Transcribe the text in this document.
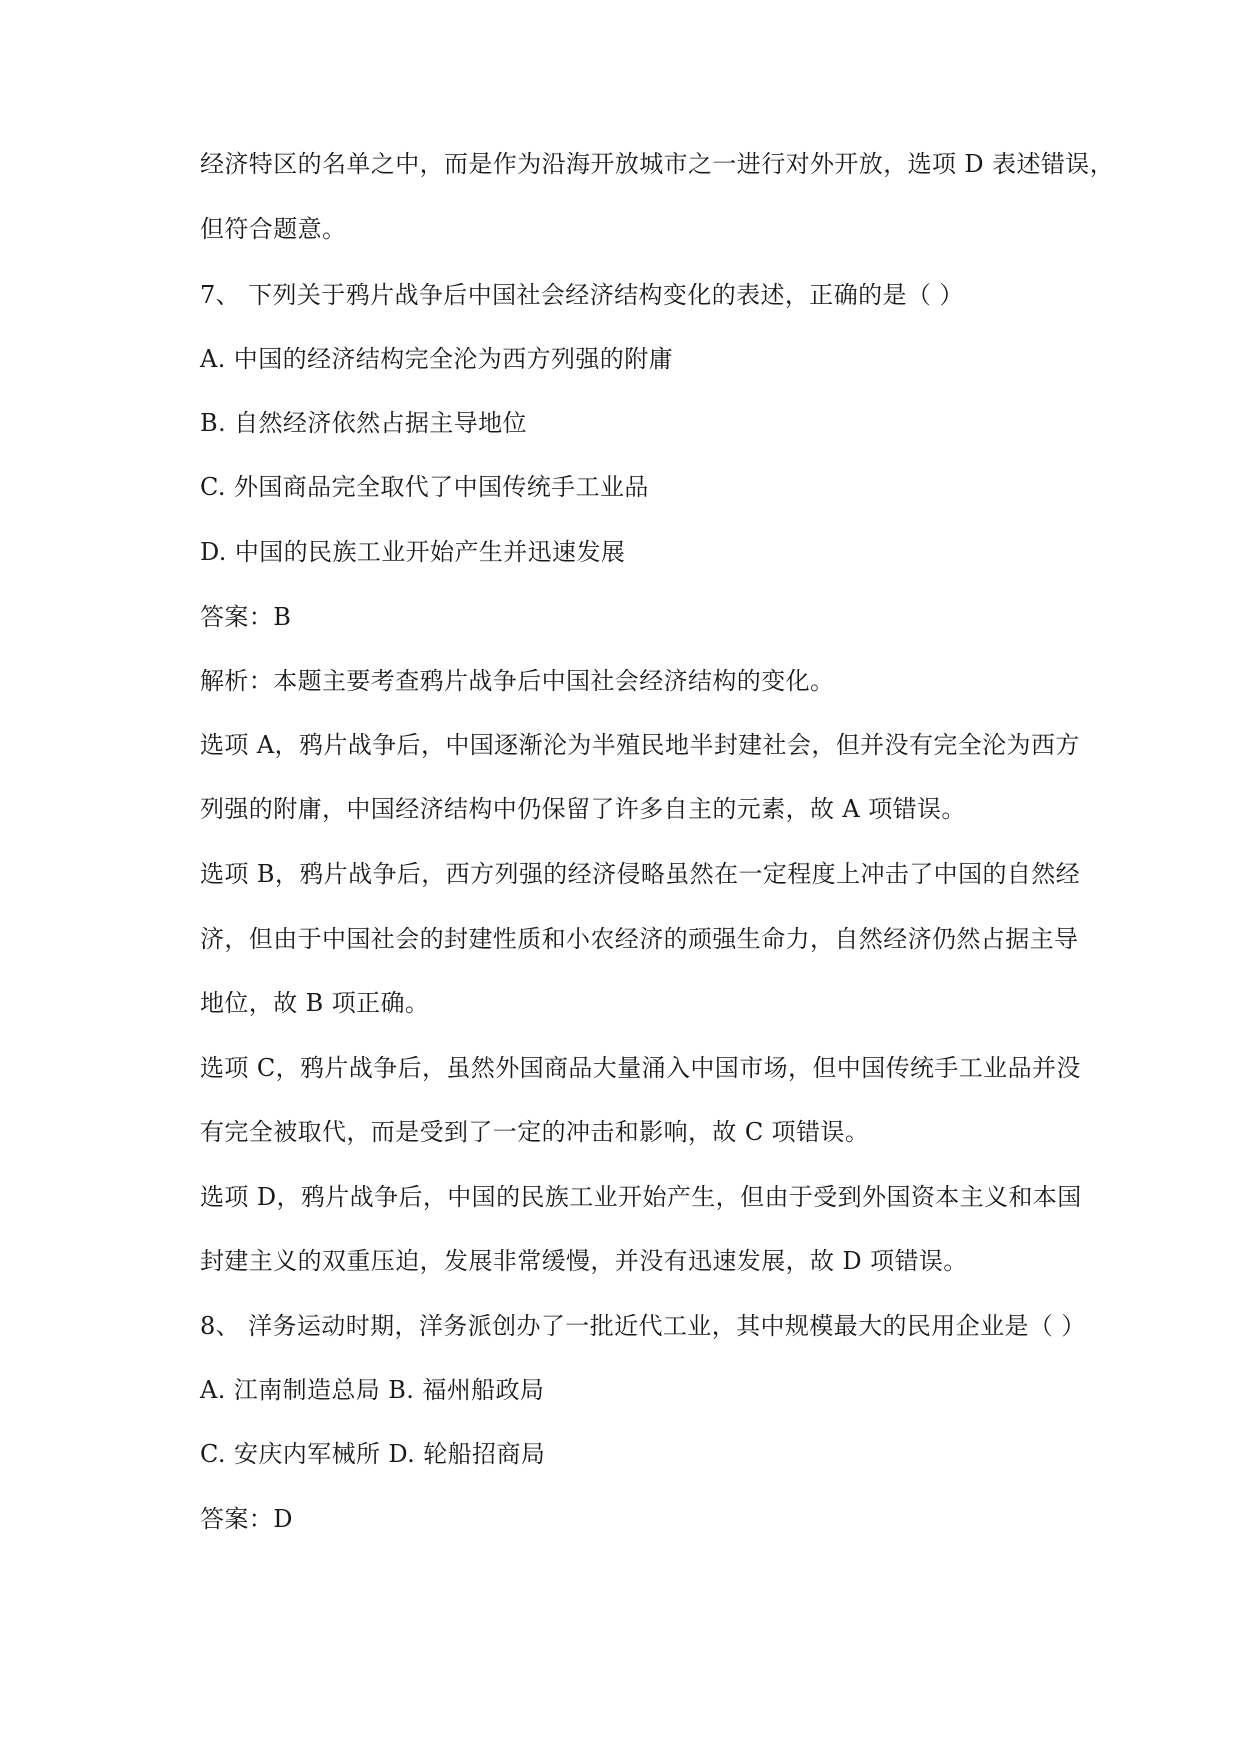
经济特区的名单之中，而是作为沿海开放城市之一进行对外开放，选项 D 表述错误，
但符合题意。
7、 下列关于鸦片战争后中国社会经济结构变化的表述，正确的是（ ）
A. 中国的经济结构完全沦为西方列强的附庸
B. 自然经济依然占据主导地位
C. 外国商品完全取代了中国传统手工业品
D. 中国的民族工业开始产生并迅速发展
答案：B
解析：本题主要考查鸦片战争后中国社会经济结构的变化。
选项 A，鸦片战争后，中国逐渐沦为半殖民地半封建社会，但并没有完全沦为西方
列强的附庸，中国经济结构中仍保留了许多自主的元素，故 A 项错误。
选项 B，鸦片战争后，西方列强的经济侵略虽然在一定程度上冲击了中国的自然经
济，但由于中国社会的封建性质和小农经济的顽强生命力，自然经济仍然占据主导
地位，故 B 项正确。
选项 C，鸦片战争后，虽然外国商品大量涌入中国市场，但中国传统手工业品并没
有完全被取代，而是受到了一定的冲击和影响，故 C 项错误。
选项 D，鸦片战争后，中国的民族工业开始产生，但由于受到外国资本主义和本国
封建主义的双重压迫，发展非常缓慢，并没有迅速发展，故 D 项错误。
8、 洋务运动时期，洋务派创办了一批近代工业，其中规模最大的民用企业是（ ）
A. 江南制造总局 B. 福州船政局
C. 安庆内军械所 D. 轮船招商局
答案：D
